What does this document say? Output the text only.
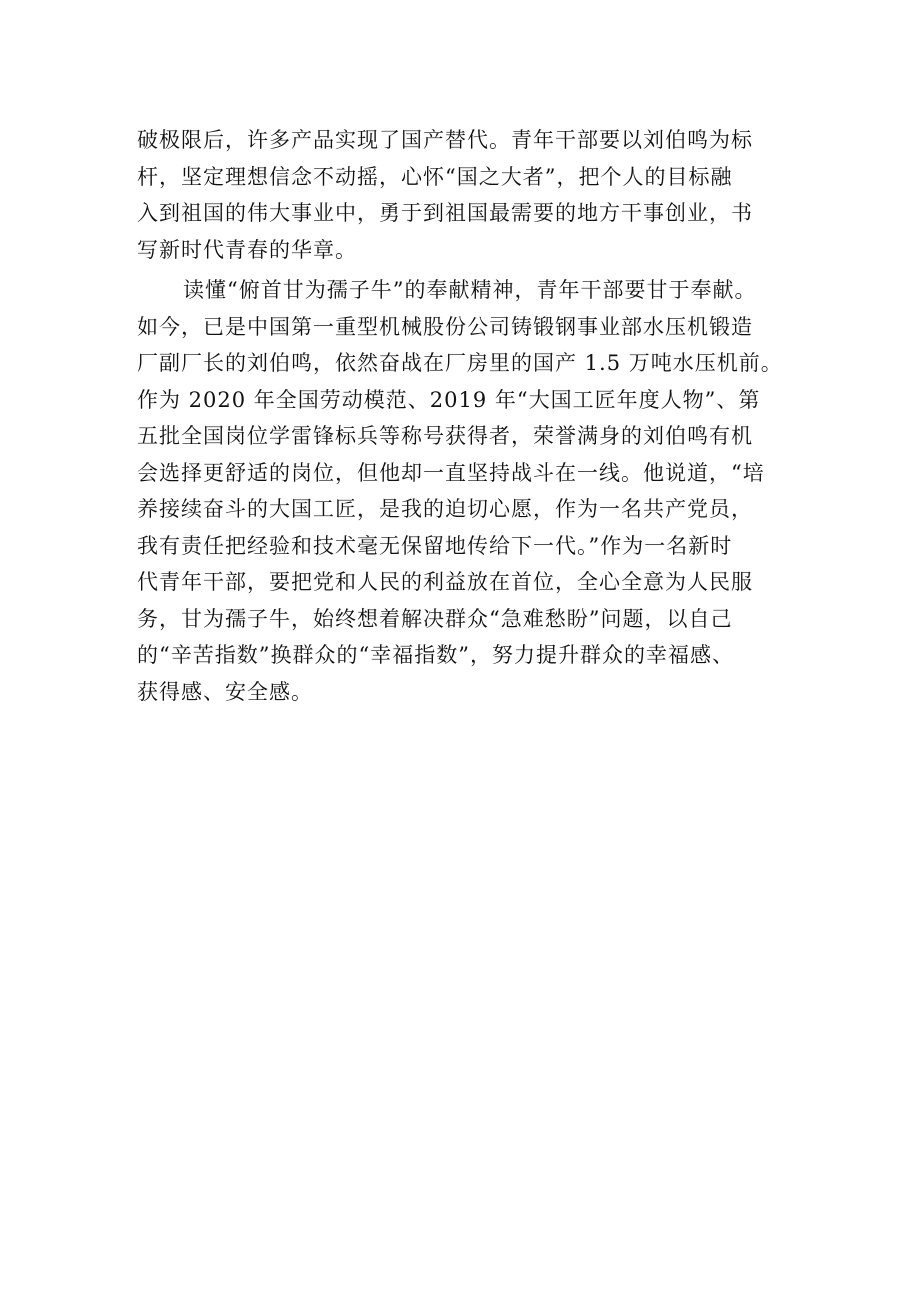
破极限后，许多产品实现了国产替代。青年干部要以刘伯鸣为标

杆，坚定理想信念不动摇，心怀“国之大者”，把个人的目标融

入到祖国的伟大事业中，勇于到祖国最需要的地方干事创业，书

写新时代青春的华章。

读懂“俯首甘为孺子牛”的奉献精神，青年干部要甘于奉献。

如今，已是中国第一重型机械股份公司铸锻钢事业部水压机锻造

厂副厂长的刘伯鸣，依然奋战在厂房里的国产 1.5 万吨水压机前。

作为 2020 年全国劳动模范、2019 年“大国工匠年度人物”、第

五批全国岗位学雷锋标兵等称号获得者，荣誉满身的刘伯鸣有机

会选择更舒适的岗位，但他却一直坚持战斗在一线。他说道，“培

养接续奋斗的大国工匠，是我的迫切心愿，作为一名共产党员，

我有责任把经验和技术毫无保留地传给下一代。”作为一名新时

代青年干部，要把党和人民的利益放在首位，全心全意为人民服

务，甘为孺子牛，始终想着解决群众“急难愁盼”问题，以自己

的“辛苦指数”换群众的“幸福指数”，努力提升群众的幸福感、

获得感、安全感。
